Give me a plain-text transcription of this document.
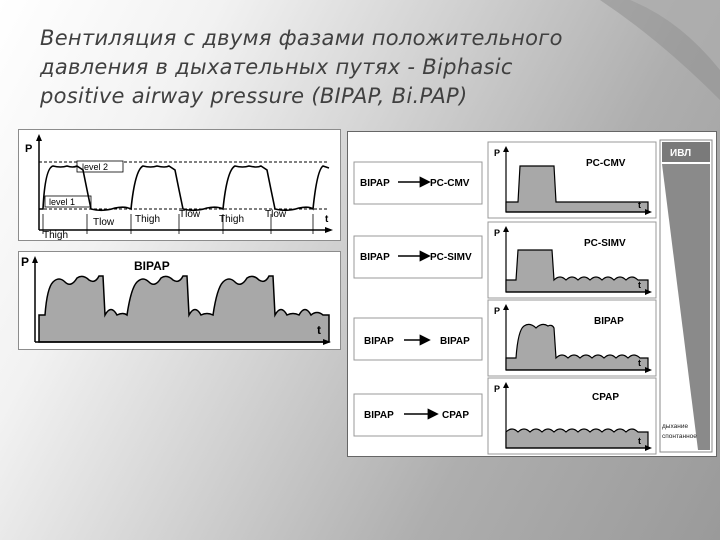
Вентиляция с двумя фазами положительного
давления в дыхательных путях - Biphasic
positive airway pressure (BIPAP, Bi.PAP)
P
level 2
level 1
t
Thigh
Tlow Thigh Tlow Thigh Tlow
P	BIPAP
t
BIPAP	PC-CMV
BIPAP	PC-SIMV
BIPAP	BIPAP
BIPAP	CPAP
P
PC-CMV
t
P
PC-SIMV
t
P
BIPAP
t
P
CPAP
t
ИВЛ
дыхание
спонтанное
